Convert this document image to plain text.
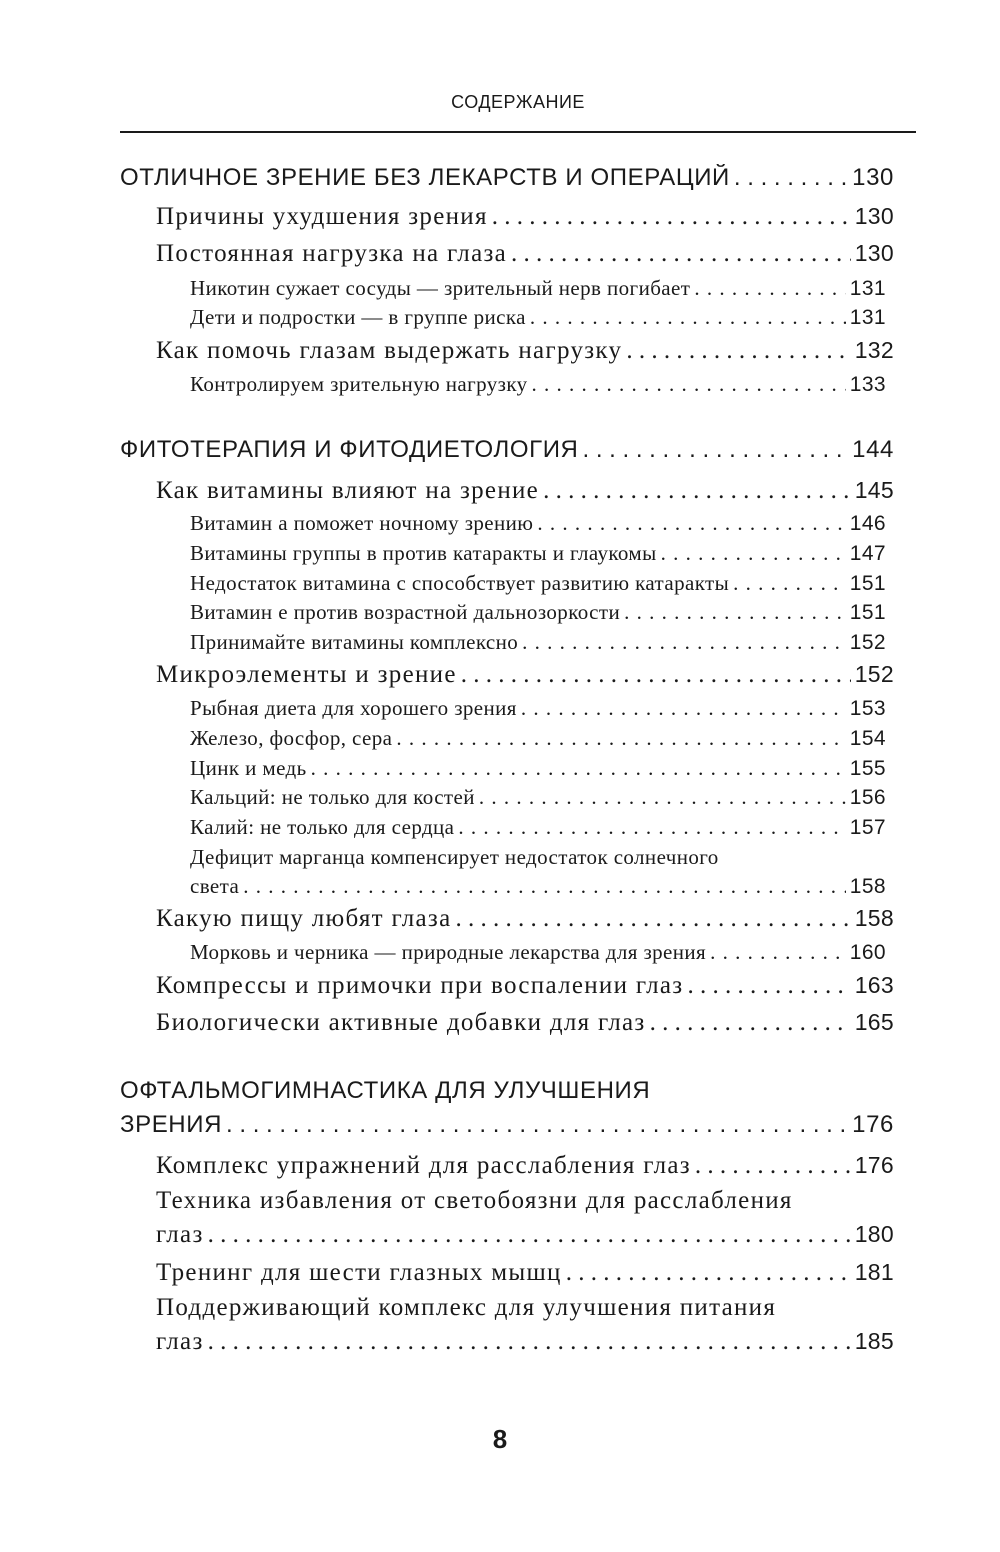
СОДЕРЖАНИЕ
ОТЛИЧНОЕ ЗРЕНИЕ БЕЗ ЛЕКАРСТВ И ОПЕРАЦИЙ . . .	130
Причины ухудшения зрения . . .	130
Постоянная нагрузка на глаза . . .	130
Никотин сужает сосуды — зрительный нерв погибает . . .	131
Дети и подростки — в группе риска . . .	131
Как помочь глазам выдержать нагрузку . . .	132
Контролируем зрительную нагрузку . . .	133
ФИТОТЕРАПИЯ И ФИТОДИЕТОЛОГИЯ . . .	144
Как витамины влияют на зрение . . .	145
Витамин а поможет ночному зрению . . .	146
Витамины группы в против катаракты и глаукомы . . .	147
Недостаток витамина с способствует развитию катаракты . . .	151
Витамин е против возрастной дальнозоркости . . .	151
Принимайте витамины комплексно . . .	152
Микроэлементы и зрение . . .	152
Рыбная диета для хорошего зрения . . .	153
Железо, фосфор, сера . . .	154
Цинк и медь . . .	155
Кальций: не только для костей . . .	156
Калий: не только для сердца . . .	157
Дефицит марганца компенсирует недостаток солнечного
света . . .	158
Какую пищу любят глаза . . .	158
Морковь и черника — природные лекарства для зрения . . .	160
Компрессы и примочки при воспалении глаз . . .	163
Биологически активные добавки для глаз . . .	165
ОФТАЛЬМОГИМНАСТИКА ДЛЯ УЛУЧШЕНИЯ
ЗРЕНИЯ . . .	176
Комплекс упражнений для расслабления глаз . . .	176
Техника избавления от светобоязни для расслабления
глаз . . .	180
Тренинг для шести глазных мышц . . .	181
Поддерживающий комплекс для улучшения питания
глаз . . .	185
8
